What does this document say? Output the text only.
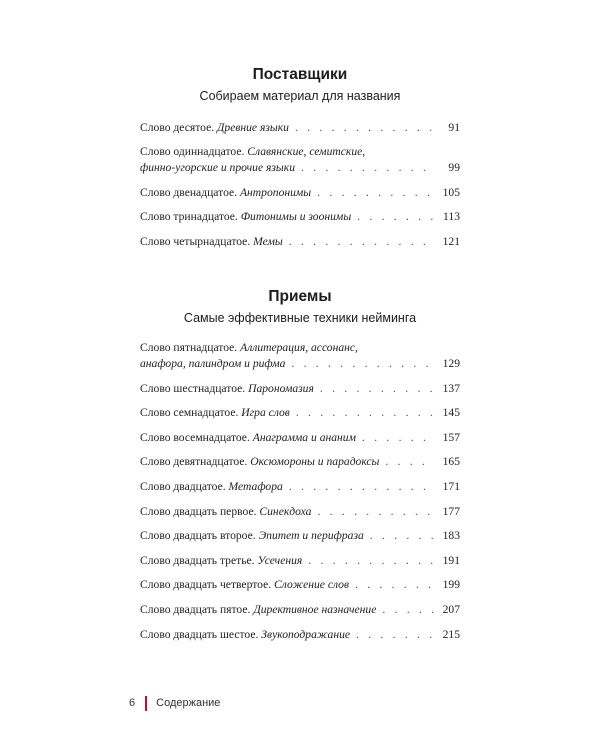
Поставщики
Собираем материал для названия
Слово десятое. Древние языки . . .	91
Слово одиннадцатое. Славянские, семитские,
финно-угорские и прочие языки . . .	99
Слово двенадцатое. Антропонимы . . .	105
Слово тринадцатое. Фитонимы и зоонимы . . .	113
Слово четырнадцатое. Мемы . . .	121
Приемы
Самые эффективные техники нейминга
Слово пятнадцатое. Аллитерация, ассонанс,
анафора, палиндром и рифма . . .	129
Слово шестнадцатое. Парономазия . . .	137
Слово семнадцатое. Игра слов . . .	145
Слово восемнадцатое. Анаграмма и ананим . . .	157
Слово девятнадцатое. Оксюмороны и парадоксы . . .	165
Слово двадцатое. Метафора . . .	171
Слово двадцать первое. Синекдоха . . .	177
Слово двадцать второе. Эпитет и перифраза . . .	183
Слово двадцать третье. Усечения . . .	191
Слово двадцать четвертое. Сложение слов . . .	199
Слово двадцать пятое. Директивное назначение . . .	207
Слово двадцать шестое. Звукоподражание . . .	215
6 Содержание
